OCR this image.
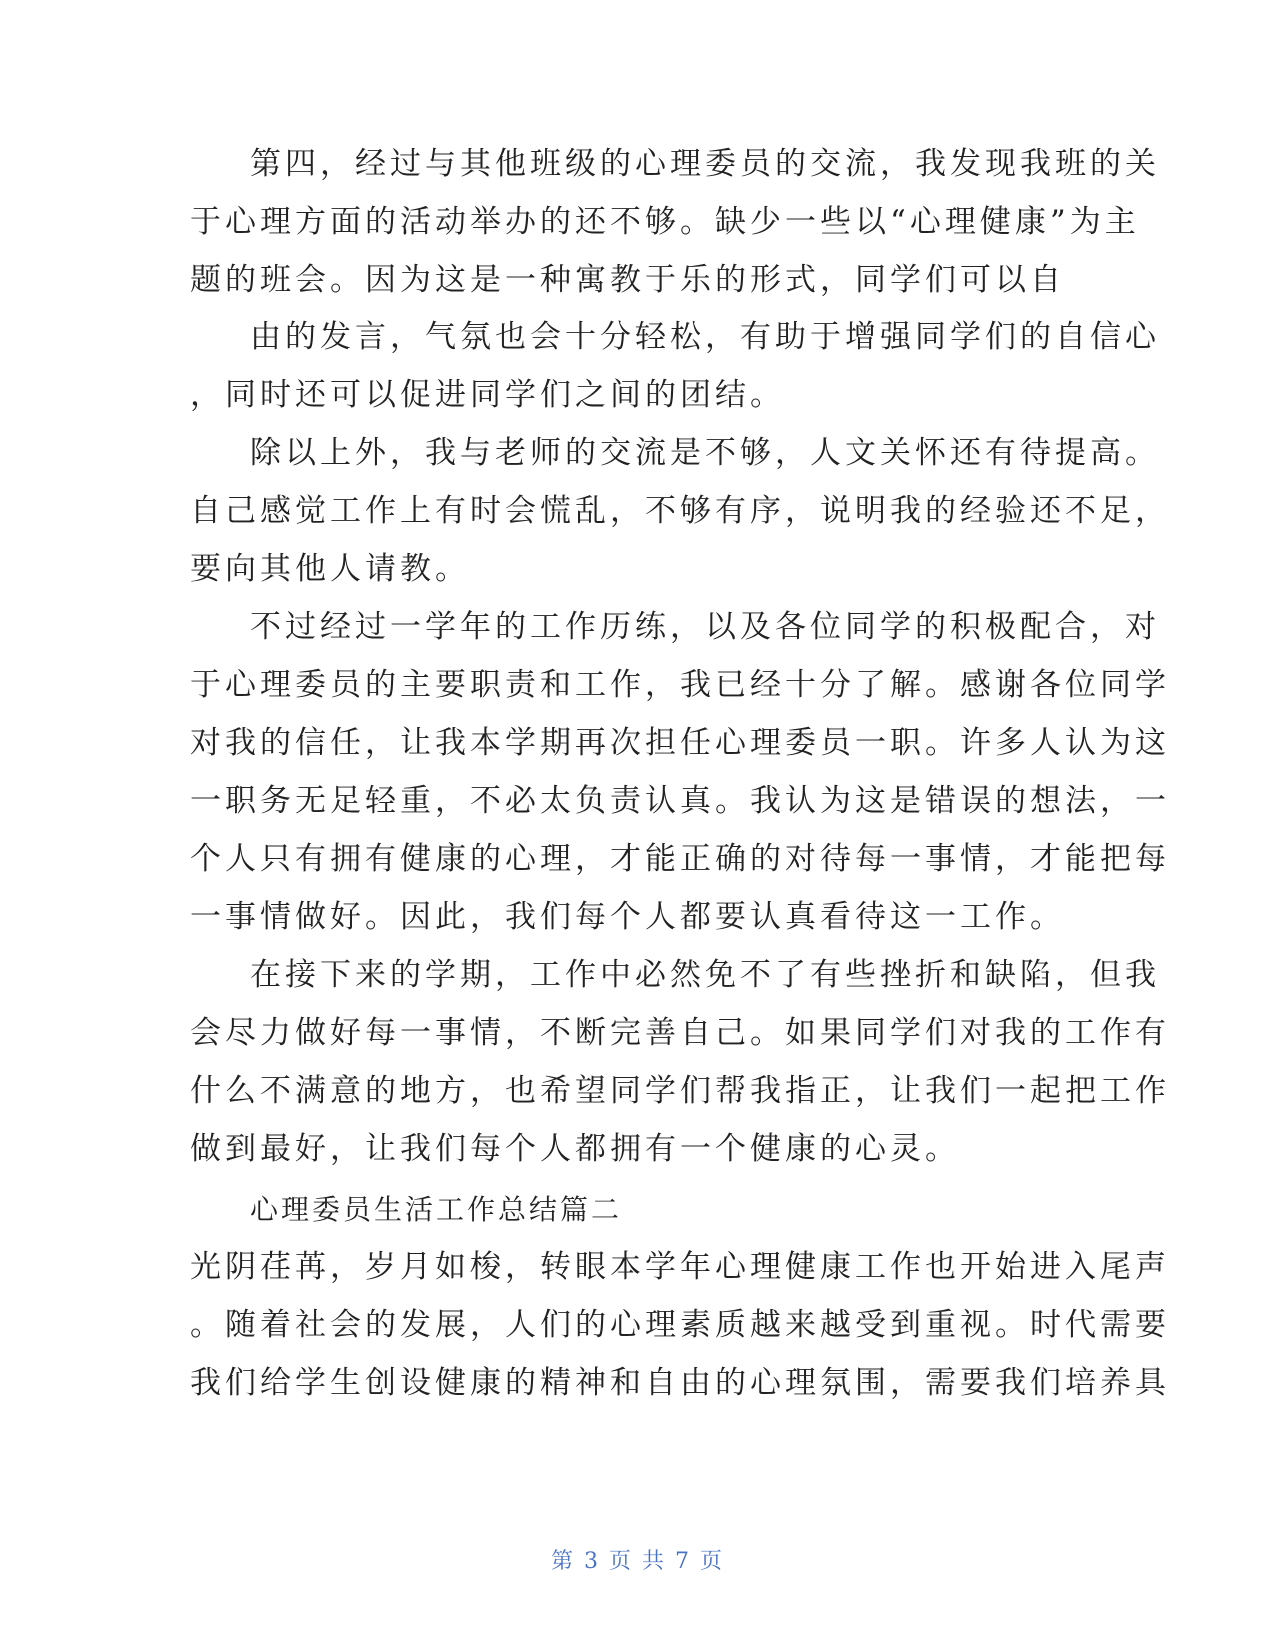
第四，经过与其他班级的心理委员的交流，我发现我班的关
于心理方面的活动举办的还不够。缺少一些以“心理健康”为主
题的班会。因为这是一种寓教于乐的形式，同学们可以自
由的发言，气氛也会十分轻松，有助于增强同学们的自信心
，同时还可以促进同学们之间的团结。
除以上外，我与老师的交流是不够，人文关怀还有待提高。
自己感觉工作上有时会慌乱，不够有序，说明我的经验还不足，
要向其他人请教。
不过经过一学年的工作历练，以及各位同学的积极配合，对
于心理委员的主要职责和工作，我已经十分了解。感谢各位同学
对我的信任，让我本学期再次担任心理委员一职。许多人认为这
一职务无足轻重，不必太负责认真。我认为这是错误的想法，一
个人只有拥有健康的心理，才能正确的对待每一事情，才能把每
一事情做好。因此，我们每个人都要认真看待这一工作。
在接下来的学期，工作中必然免不了有些挫折和缺陷，但我
会尽力做好每一事情，不断完善自己。如果同学们对我的工作有
什么不满意的地方，也希望同学们帮我指正，让我们一起把工作
做到最好，让我们每个人都拥有一个健康的心灵。
心理委员生活工作总结篇二
光阴荏苒，岁月如梭，转眼本学年心理健康工作也开始进入尾声
。随着社会的发展，人们的心理素质越来越受到重视。时代需要
我们给学生创设健康的精神和自由的心理氛围，需要我们培养具
第 3 页 共 7 页
